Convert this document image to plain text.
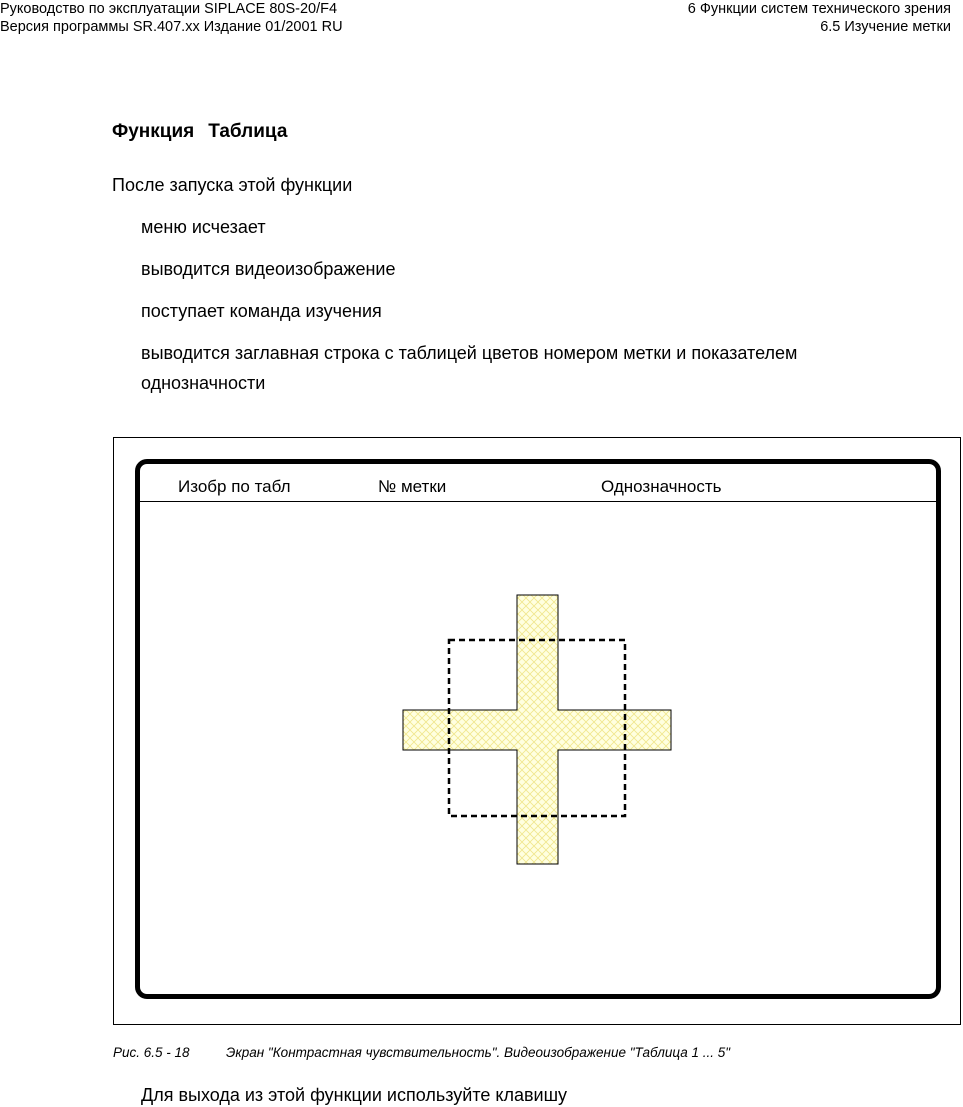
Руководство по эксплуатации SIPLACE 80S-20/F4
Версия программы SR.407.xx Издание 01/2001 RU
6 Функции систем технического зрения
6.5 Изучение метки
Функция Таблица
После запуска этой функции
меню исчезает
выводится видеоизображение
поступает команда изучения
выводится заглавная строка с таблицей цветов номером метки и показателем
однозначности
Изобр по табл	№ метки	Однозначность
Рис. 6.5 - 18	Экран "Контрастная чувствительность". Видеоизображение "Таблица 1 ... 5"
Для выхода из этой функции используйте клавишу
